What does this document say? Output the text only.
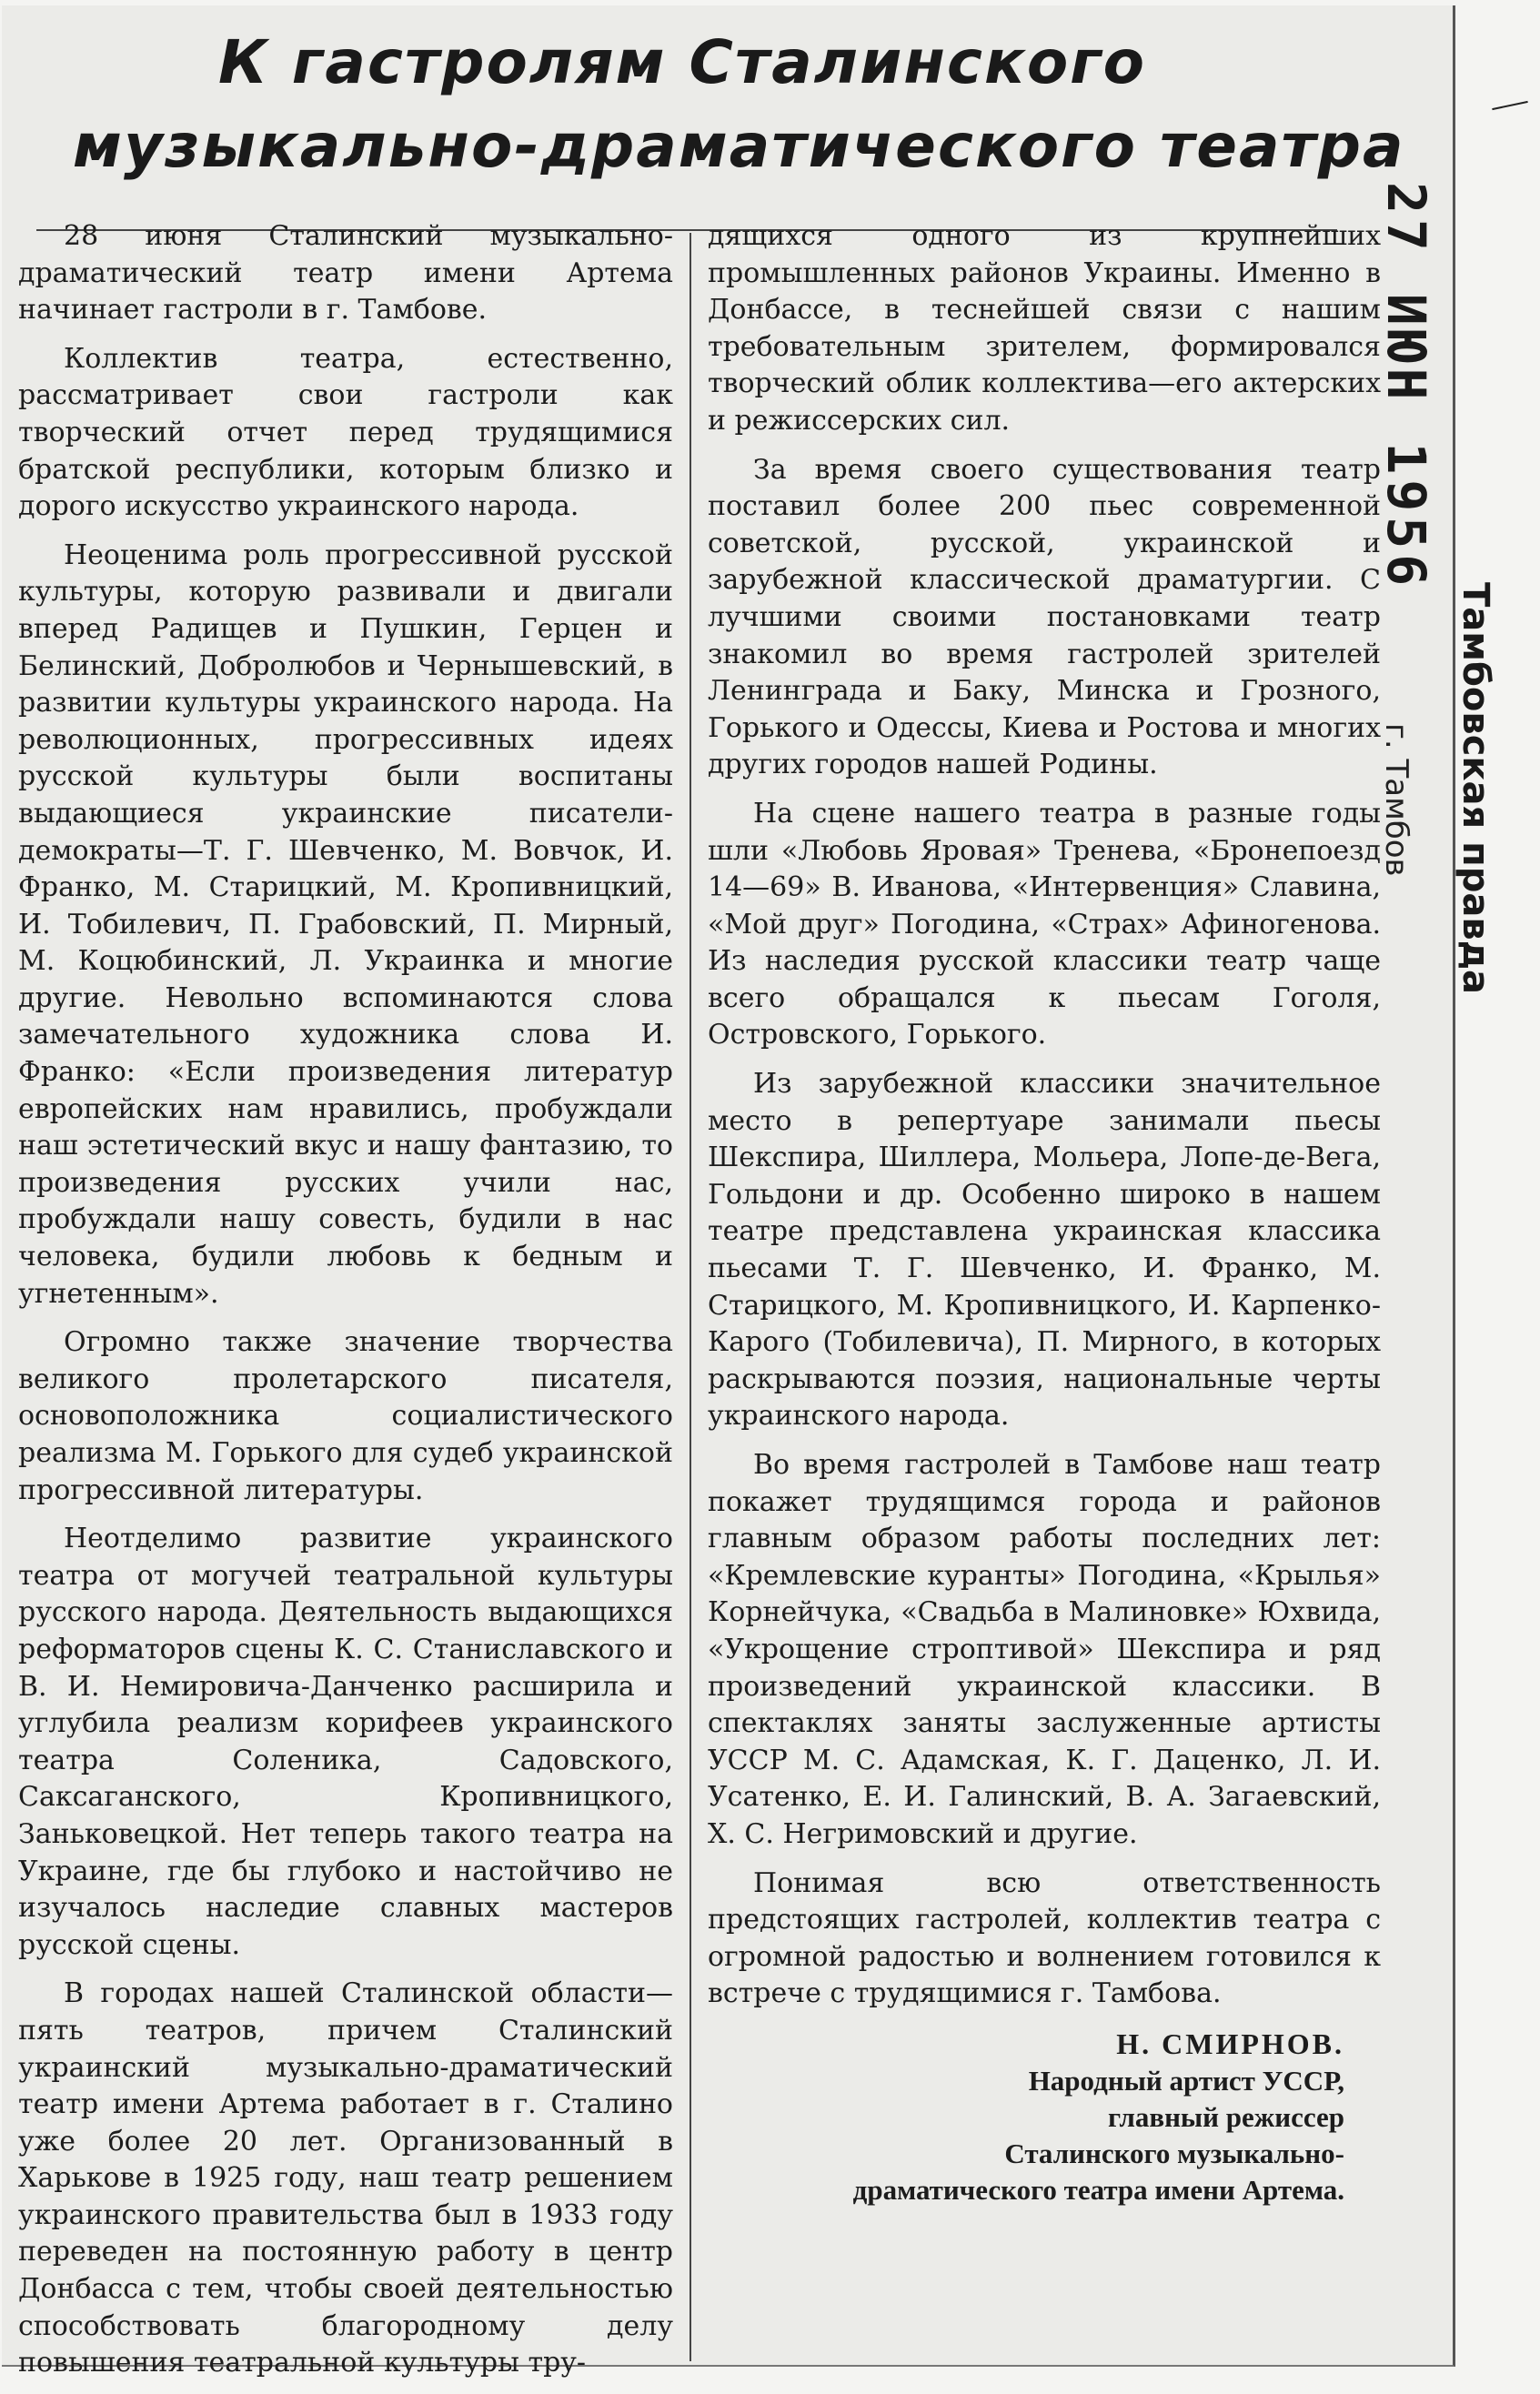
К гастролям Сталинского
музыкально-драматического театра

28 июня Сталинский музыкально-драматический театр имени Артема начинает гастроли в г. Тамбове.

Коллектив театра, естественно, рассматривает свои гастроли как творческий отчет перед трудящимися братской республики, которым близко и дорого искусство украинского народа.

Неоценима роль прогрессивной русской культуры, которую развивали и двигали вперед Радищев и Пушкин, Герцен и Белинский, Добролюбов и Чернышевский, в развитии культуры украинского народа. На революционных, прогрессивных идеях русской культуры были воспитаны выдающиеся украинские писатели-демократы—Т. Г. Шевченко, М. Вовчок, И. Франко, М. Старицкий, М. Кропивницкий, И. Тобилевич, П. Грабовский, П. Мирный, М. Коцюбинский, Л. Украинка и многие другие. Невольно вспоминаются слова замечательного художника слова И. Франко: «Если произведения литератур европейских нам нравились, пробуждали наш эстетический вкус и нашу фантазию, то произведения русских учили нас, пробуждали нашу совесть, будили в нас человека, будили любовь к бедным и угнетенным».

Огромно также значение творчества великого пролетарского писателя, основоположника социалистического реализма М. Горького для судеб украинской прогрессивной литературы.

Неотделимо развитие украинского театра от могучей театральной культуры русского народа. Деятельность выдающихся реформаторов сцены К. С. Станиславского и В. И. Немировича-Данченко расширила и углубила реализм корифеев украинского театра Соленика, Садовского, Саксаганского, Кропивницкого, Заньковецкой. Нет теперь такого театра на Украине, где бы глубоко и настойчиво не изучалось наследие славных мастеров русской сцены.

В городах нашей Сталинской области—пять театров, причем Сталинский украинский музыкально-драматический театр имени Артема работает в г. Сталино уже более 20 лет. Организованный в Харькове в 1925 году, наш театр решением украинского правительства был в 1933 году переведен на постоянную работу в центр Донбасса с тем, чтобы своей деятельностью способствовать благородному делу повышения театральной культуры тру-

дящихся одного из крупнейших промышленных районов Украины. Именно в Донбассе, в теснейшей связи с нашим требовательным зрителем, формировался творческий облик коллектива—его актерских и режиссерских сил.

За время своего существования театр поставил более 200 пьес современной советской, русской, украинской и зарубежной классической драматургии. С лучшими своими постановками театр знакомил во время гастролей зрителей Ленинграда и Баку, Минска и Грозного, Горького и Одессы, Киева и Ростова и многих других городов нашей Родины.

На сцене нашего театра в разные годы шли «Любовь Яровая» Тренева, «Бронепоезд 14—69» В. Иванова, «Интервенция» Славина, «Мой друг» Погодина, «Страх» Афиногенова. Из наследия русской классики театр чаще всего обращался к пьесам Гоголя, Островского, Горького.

Из зарубежной классики значительное место в репертуаре занимали пьесы Шекспира, Шиллера, Мольера, Лопе-де-Вега, Гольдони и др. Особенно широко в нашем театре представлена украинская классика пьесами Т. Г. Шевченко, И. Франко, М. Старицкого, М. Кропивницкого, И. Карпенко-Карого (Тобилевича), П. Мирного, в которых раскрываются поэзия, национальные черты украинского народа.

Во время гастролей в Тамбове наш театр покажет трудящимся города и районов главным образом работы последних лет: «Кремлевские куранты» Погодина, «Крылья» Корнейчука, «Свадьба в Малиновке» Юхвида, «Укрощение строптивой» Шекспира и ряд произведений украинской классики. В спектаклях заняты заслуженные артисты УССР М. С. Адамская, К. Г. Даценко, Л. И. Усатенко, Е. И. Галинский, В. А. Загаевский, Х. С. Негримовский и другие.

Понимая всю ответственность предстоящих гастролей, коллектив театра с огромной радостью и волнением готовился к встрече с трудящимися г. Тамбова.

Н. СМИРНОВ.
Народный артист УССР,
главный режиссер
Сталинского музыкально-
драматического театра имени Артема.
27 ИЮН 1956
Тамбовская правда
г. Тамбов
